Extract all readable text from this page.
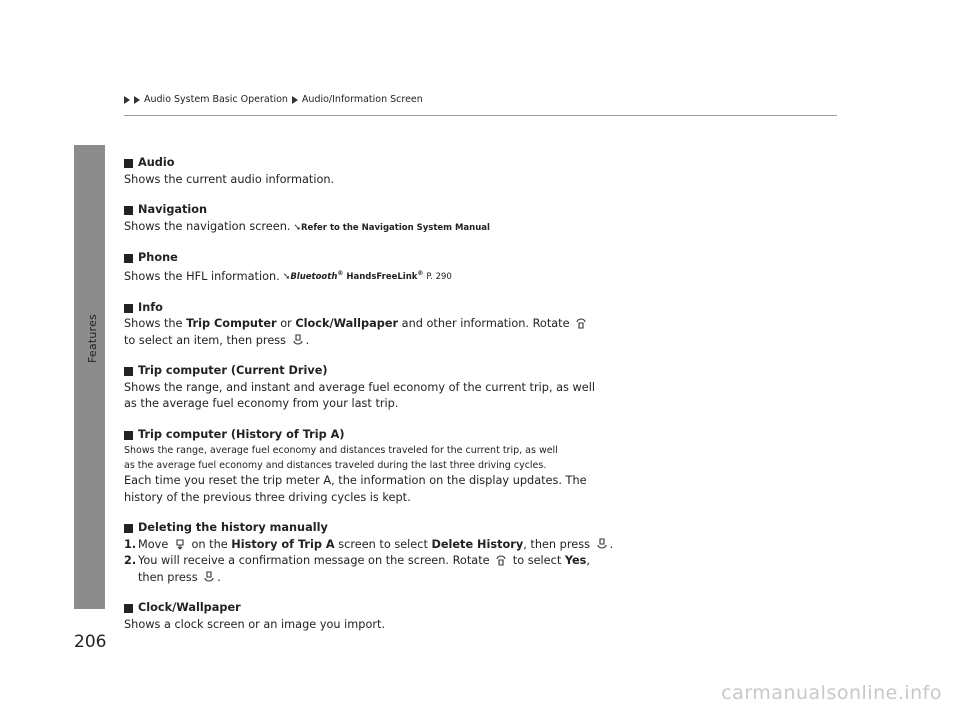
Features
Audio System Basic Operation Audio/Information Screen
Audio
Shows the current audio information.
Navigation
Shows the navigation screen. ➘Refer to the Navigation System Manual
Phone
Shows the HFL information. ➘Bluetooth® HandsFreeLink® P. 290
Info
Shows the Trip Computer or Clock/Wallpaper and other information. Rotate
to select an item, then press .
Trip computer (Current Drive)
Shows the range, and instant and average fuel economy of the current trip, as well
as the average fuel economy from your last trip.
Trip computer (History of Trip A)
Shows the range, average fuel economy and distances traveled for the current trip, as well
as the average fuel economy and distances traveled during the last three driving cycles.
Each time you reset the trip meter A, the information on the display updates. The
history of the previous three driving cycles is kept.
Deleting the history manually
1. Move  on the History of Trip A screen to select Delete History, then press .
2. You will receive a confirmation message on the screen. Rotate  to select Yes,
then press .
Clock/Wallpaper
Shows a clock screen or an image you import.
206
carmanualsonline.info
